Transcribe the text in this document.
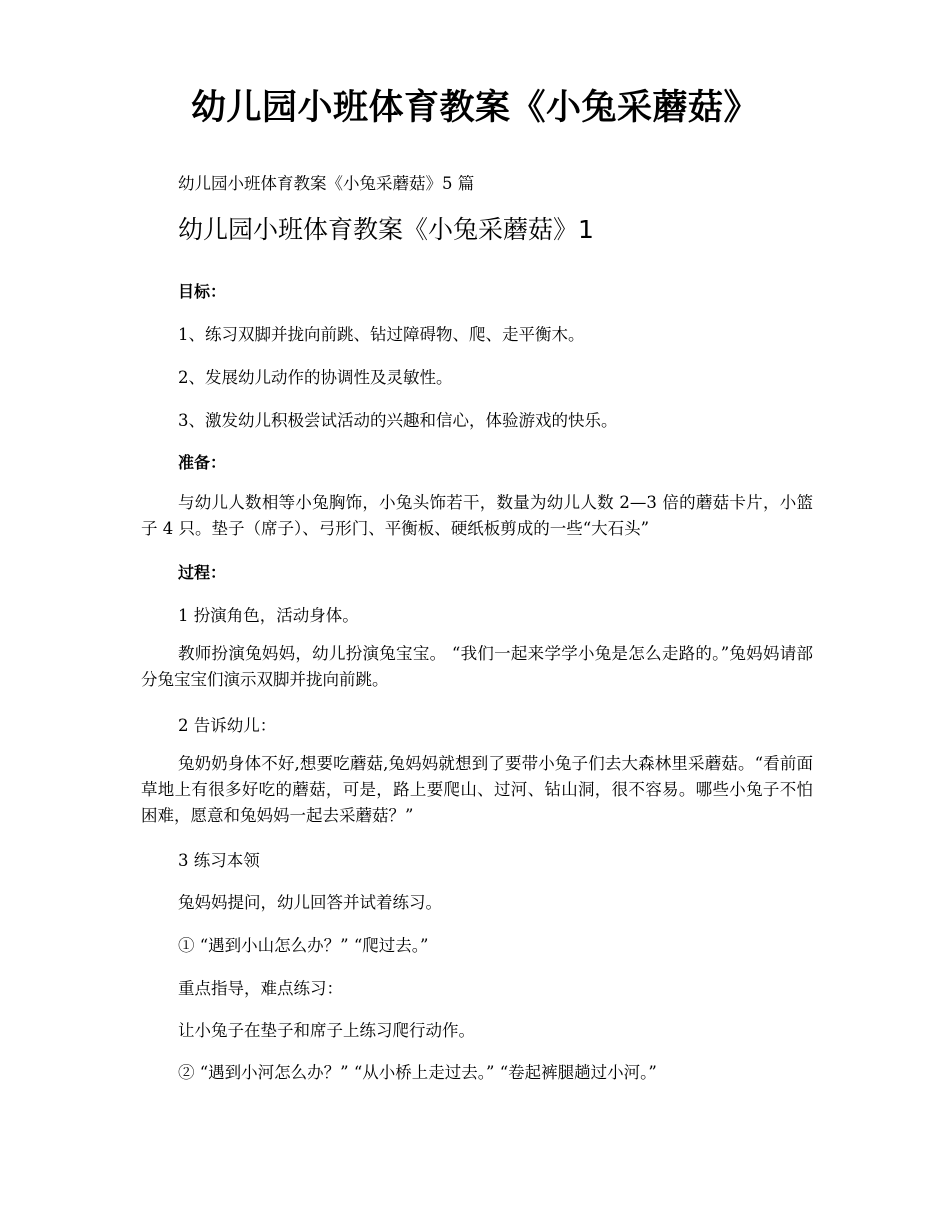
幼儿园小班体育教案《小兔采蘑菇》
幼儿园小班体育教案《小兔采蘑菇》5 篇
幼儿园小班体育教案《小兔采蘑菇》1
目标：
1、练习双脚并拢向前跳、钻过障碍物、爬、走平衡木。
2、发展幼儿动作的协调性及灵敏性。
3、激发幼儿积极尝试活动的兴趣和信心，体验游戏的快乐。
准备：
与幼儿人数相等小兔胸饰，小兔头饰若干，数量为幼儿人数 2—3 倍的蘑菇卡片，小篮子 4 只。垫子（席子）、弓形门、平衡板、硬纸板剪成的一些“大石头”
过程：
1 扮演角色，活动身体。
教师扮演兔妈妈，幼儿扮演兔宝宝。 “我们一起来学学小兔是怎么走路的。”兔妈妈请部分兔宝宝们演示双脚并拢向前跳。
2 告诉幼儿：
兔奶奶身体不好,想要吃蘑菇,兔妈妈就想到了要带小兔子们去大森林里采蘑菇。“看前面草地上有很多好吃的蘑菇，可是，路上要爬山、过河、钻山洞，很不容易。哪些小兔子不怕困难，愿意和兔妈妈一起去采蘑菇？”
3 练习本领
兔妈妈提问，幼儿回答并试着练习。
① “遇到小山怎么办？” “爬过去。”
重点指导，难点练习：
让小兔子在垫子和席子上练习爬行动作。
② “遇到小河怎么办？” “从小桥上走过去。” “卷起裤腿趟过小河。”
